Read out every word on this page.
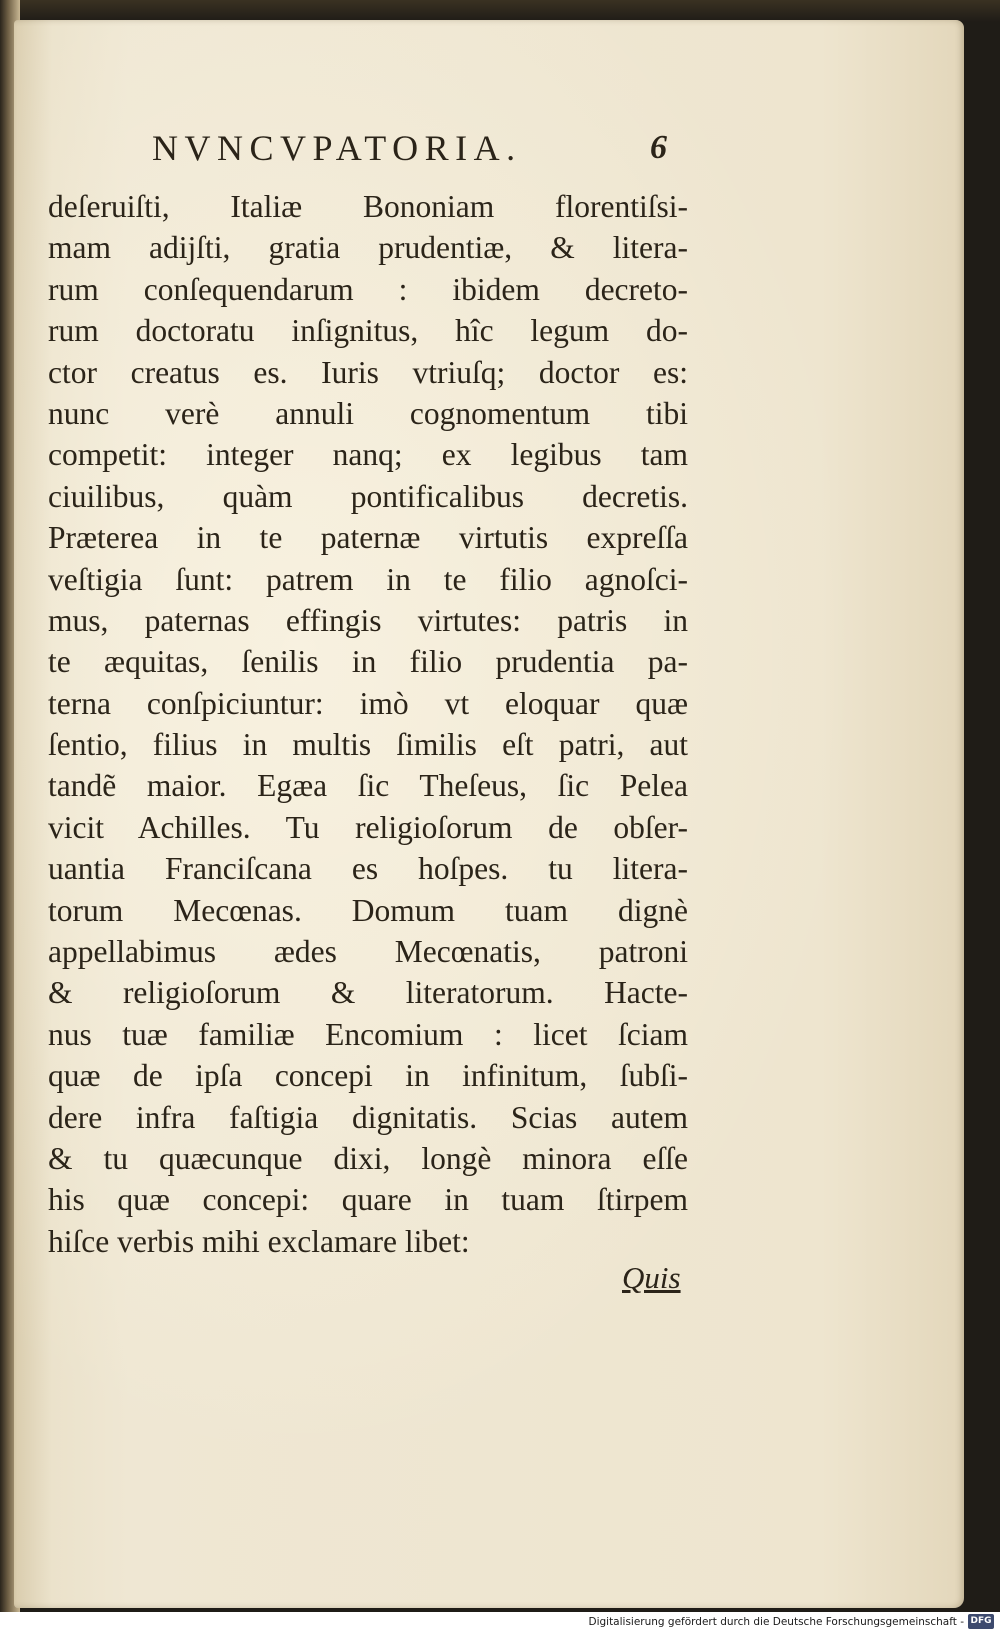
NVNCVPATORIA.	6
deſeruiſti, Italiæ Bononiam florentiſsi-
mam adijſti, gratia prudentiæ, & litera-
rum conſequendarum : ibidem decreto-
rum doctoratu inſignitus, hîc legum do-
ctor creatus es. Iuris vtriuſq; doctor es:
nunc verè annuli cognomentum tibi
competit: integer nanq; ex legibus tam
ciuilibus, quàm pontificalibus decretis.
Præterea in te paternæ virtutis expreſſa
veſtigia ſunt: patrem in te filio agnoſci-
mus, paternas effingis virtutes: patris in
te æquitas, ſenilis in filio prudentia pa-
terna conſpiciuntur: imò vt eloquar quæ
ſentio, filius in multis ſimilis eſt patri, aut
tandẽ maior. Egæa ſic Theſeus, ſic Pelea
vicit Achilles. Tu religioſorum de obſer-
uantia Franciſcana es hoſpes. tu litera-
torum Mecœnas. Domum tuam dignè
appellabimus ædes Mecœnatis, patroni
& religioſorum & literatorum. Hacte-
nus tuæ familiæ Encomium : licet ſciam
quæ de ipſa concepi in infinitum, ſubſi-
dere infra faſtigia dignitatis. Scias autem
& tu quæcunque dixi, longè minora eſſe
his quæ concepi: quare in tuam ſtirpem
hiſce verbis mihi exclamare libet:
Quis
Digitalisierung gefördert durch die Deutsche Forschungsgemeinschaft - DFG
